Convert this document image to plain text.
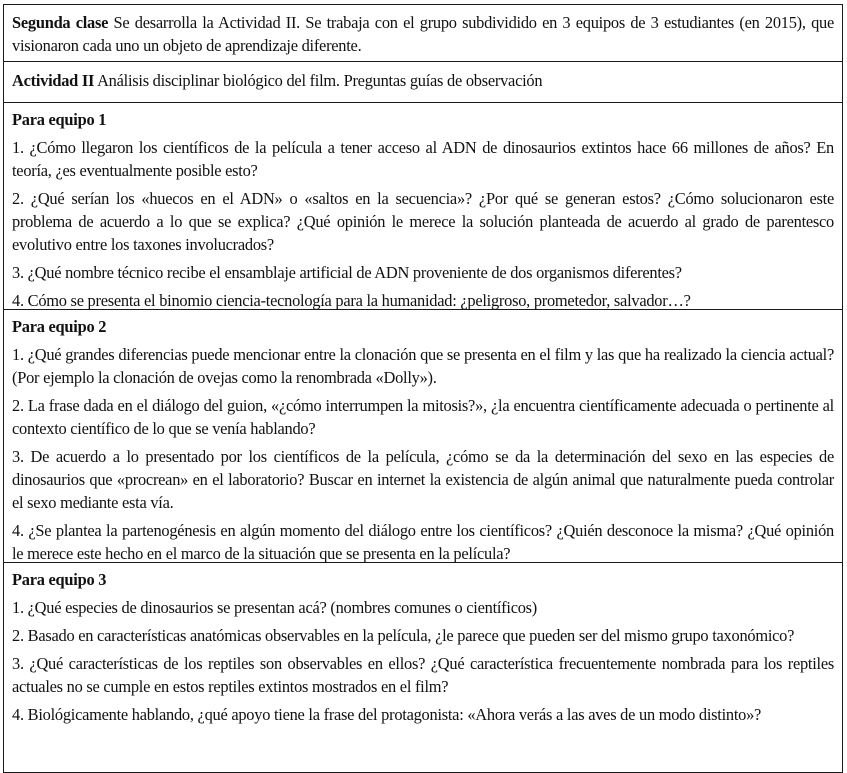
Segunda clase Se desarrolla la Actividad II. Se trabaja con el grupo subdividido en 3 equipos de 3 estudiantes (en 2015), que visionaron cada uno un objeto de aprendizaje diferente.

Actividad II Análisis disciplinar biológico del film. Preguntas guías de observación

Para equipo 1

1. ¿Cómo llegaron los científicos de la película a tener acceso al ADN de dinosaurios extintos hace 66 millones de años? En teoría, ¿es eventualmente posible esto?

2. ¿Qué serían los «huecos en el ADN» o «saltos en la secuencia»? ¿Por qué se generan estos? ¿Cómo solucionaron este problema de acuerdo a lo que se explica? ¿Qué opinión le merece la solución planteada de acuerdo al grado de parentesco evolutivo entre los taxones involucrados?

3. ¿Qué nombre técnico recibe el ensamblaje artificial de ADN proveniente de dos organismos diferentes?

4. Cómo se presenta el binomio ciencia-tecnología para la humanidad: ¿peligroso, prometedor, salvador…?

Para equipo 2

1. ¿Qué grandes diferencias puede mencionar entre la clonación que se presenta en el film y las que ha realizado la ciencia actual? (Por ejemplo la clonación de ovejas como la renombrada «Dolly»).

2. La frase dada en el diálogo del guion, «¿cómo interrumpen la mitosis?», ¿la encuentra científicamente adecuada o pertinente al contexto científico de lo que se venía hablando?

3. De acuerdo a lo presentado por los científicos de la película, ¿cómo se da la determinación del sexo en las especies de dinosaurios que «procrean» en el laboratorio? Buscar en internet la existencia de algún animal que naturalmente pueda controlar el sexo mediante esta vía.

4. ¿Se plantea la partenogénesis en algún momento del diálogo entre los científicos? ¿Quién desconoce la misma? ¿Qué opinión le merece este hecho en el marco de la situación que se presenta en la película?

Para equipo 3

1. ¿Qué especies de dinosaurios se presentan acá? (nombres comunes o científicos)

2. Basado en características anatómicas observables en la película, ¿le parece que pueden ser del mismo grupo taxonómico?

3. ¿Qué características de los reptiles son observables en ellos? ¿Qué característica frecuentemente nombrada para los reptiles actuales no se cumple en estos reptiles extintos mostrados en el film?

4. Biológicamente hablando, ¿qué apoyo tiene la frase del protagonista: «Ahora verás a las aves de un modo distinto»?
